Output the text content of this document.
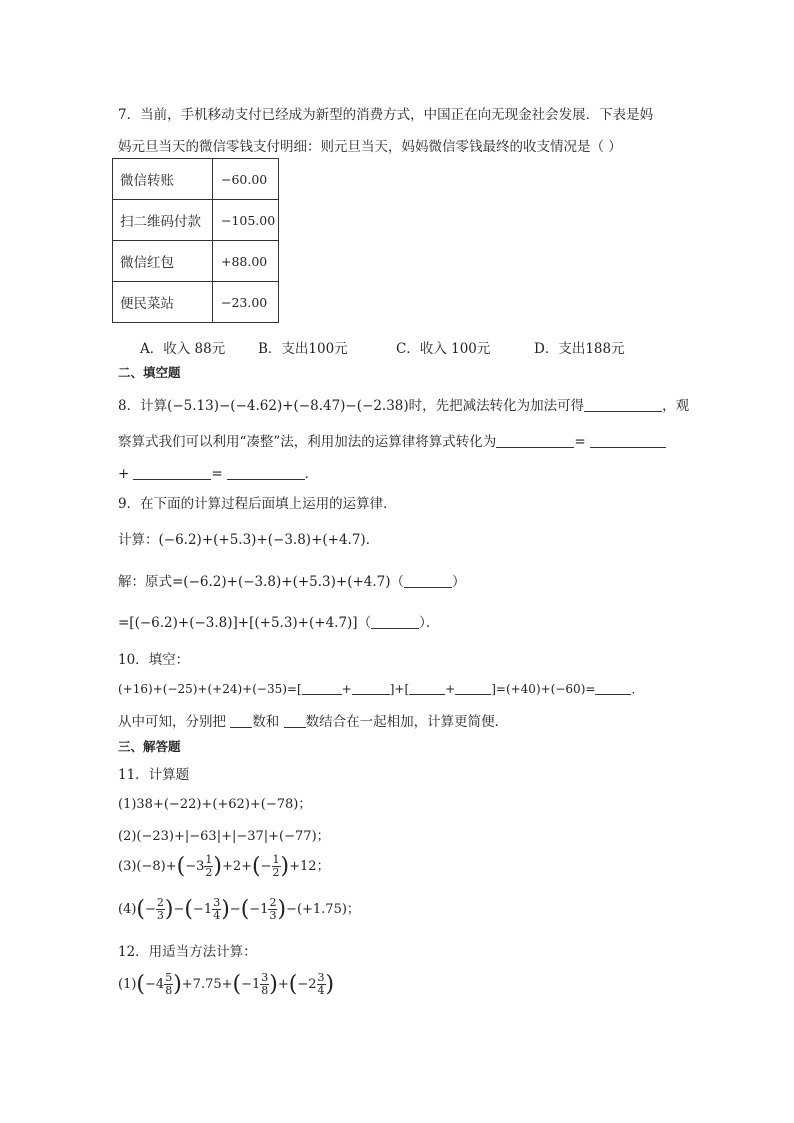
7．当前，手机移动支付已经成为新型的消费方式，中国正在向无现金社会发展．下表是妈
妈元旦当天的微信零钱支付明细：则元旦当天，妈妈微信零钱最终的收支情况是（ ）
微信转账	−60.00
扫二维码付款	−105.00
微信红包	+88.00
便民菜站	−23.00
A．收入 88元 B．支出100元	C．收入 100元	D．支出188元
二、填空题
8．计算(−5.13)−(−4.62)+(−8.47)−(−2.38)时，先把减法转化为加法可得	，观
察算式我们可以利用“凑整”法，利用加法的运算律将算式转化为	=
+	=	．
9．在下面的计算过程后面填上运用的运算律．
计算：(−6.2)+(+5.3)+(−3.8)+(+4.7)．
解：原式=(−6.2)+(−3.8)+(+5.3)+(+4.7)（	）
=[(−6.2)+(−3.8)]+[(+5.3)+(+4.7)]（	）．
10．填空：
(+16)+(−25)+(+24)+(−35)=[	+	]+[	+	]=(+40)+(−60)=	．
从中可知，分别把 数和 数结合在一起相加，计算更简便．
三、解答题
11．计算题
(1)38+(−22)+(+62)+(−78)；
(2)(−23)+|−63|+|−37|+(−77)；
$(3)(-8)+(-3 \frac{1}{2} )+2+(- \frac{1}{2} )+12$；
$(4)(- \frac{2}{3} )-(-1 \frac{3}{4} )-(-1 \frac{2}{3} )-(+1.75)$；
12．用适当方法计算：
$(1)(-4 \frac{5}{8} )+7.75+(-1 \frac{3}{8} )+(-2 \frac{3}{4}$ )
